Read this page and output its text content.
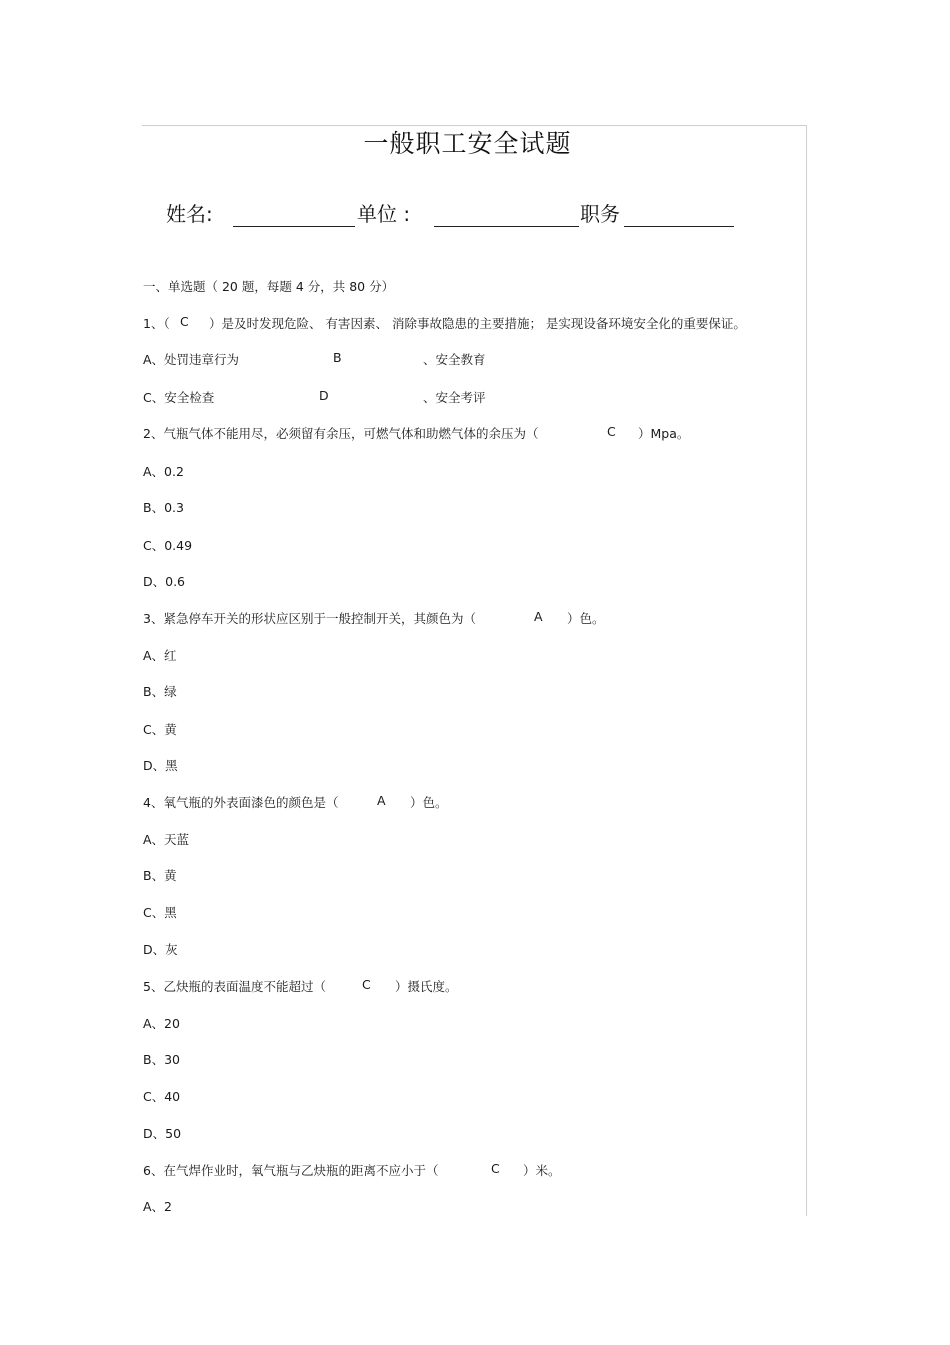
一般职工安全试题
姓名:	单位 :	职务
一、单选题（ 20 题，每题 4 分，共 80 分）
1、（ C ）是及时发现危险、 有害因素、 消除事故隐患的主要措施； 是实现设备环境安全化的重要保证。
A、处罚违章行为	B	、安全教育
C、安全检查	D	、安全考评
2、气瓶气体不能用尽，必须留有余压，可燃气体和助燃气体的余压为（	C ）Mpa。
A、0.2
B、0.3
C、0.49
D、0.6
3、紧急停车开关的形状应区别于一般控制开关，其颜色为（	A ）色。
A、红
B、绿
C、黄
D、黑
4、氧气瓶的外表面漆色的颜色是（	A ）色。
A、天蓝
B、黄
C、黑
D、灰
5、乙炔瓶的表面温度不能超过（	C ）摄氏度。
A、20
B、30
C、40
D、50
6、在气焊作业时，氧气瓶与乙炔瓶的距离不应小于（	C ）米。
A、2
